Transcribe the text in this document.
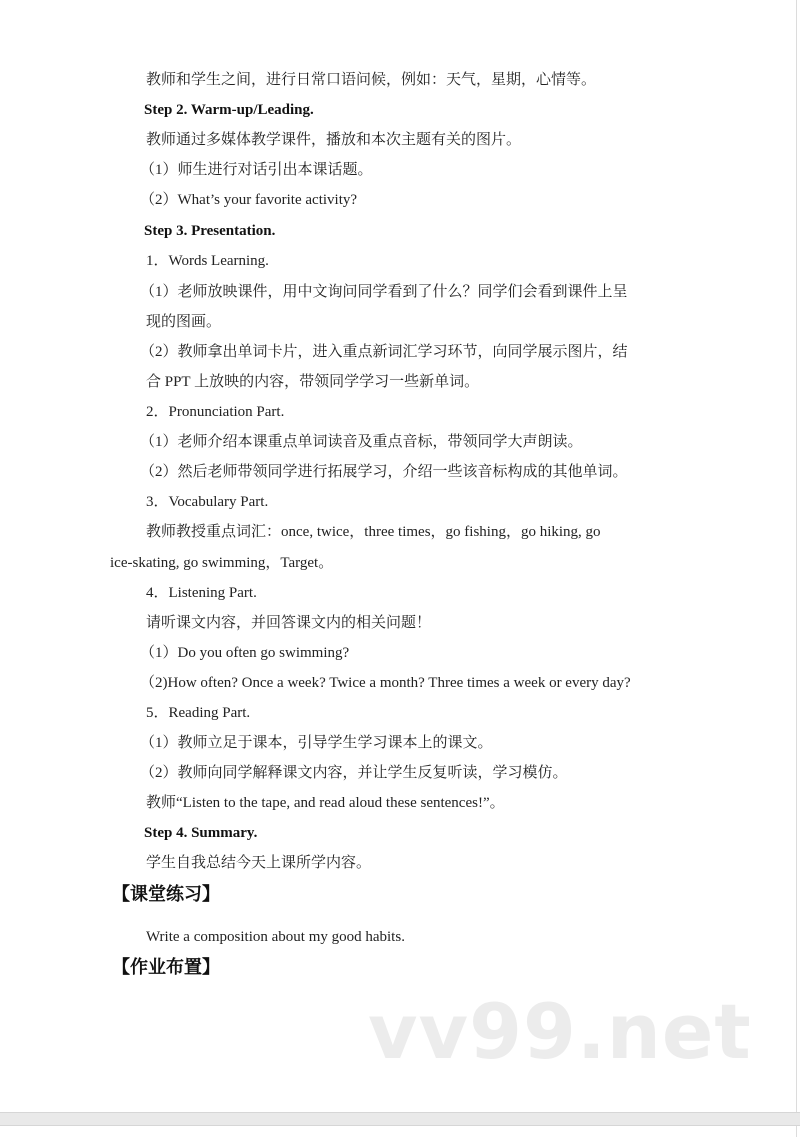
教师和学生之间，进行日常口语问候，例如：天气，星期，心情等。
Step 2. Warm-up/Leading.
教师通过多媒体教学课件，播放和本次主题有关的图片。
（1）师生进行对话引出本课话题。
（2）What’s your favorite activity?
Step 3. Presentation.
1．Words Learning.
（1）老师放映课件，用中文询问同学看到了什么？同学们会看到课件上呈
现的图画。
（2）教师拿出单词卡片，进入重点新词汇学习环节，向同学展示图片，结
合 PPT 上放映的内容，带领同学学习一些新单词。
2．Pronunciation Part.
（1）老师介绍本课重点单词读音及重点音标，带领同学大声朗读。
（2）然后老师带领同学进行拓展学习，介绍一些该音标构成的其他单词。
3．Vocabulary Part.
教师教授重点词汇：once, twice，three times，go fishing，go hiking, go
ice-skating, go swimming，Target。
4．Listening Part.
请听课文内容，并回答课文内的相关问题！
（1）Do you often go swimming?
（2)How often? Once a week? Twice a month? Three times a week or every day?
5．Reading Part.
（1）教师立足于课本，引导学生学习课本上的课文。
（2）教师向同学解释课文内容，并让学生反复听读，学习模仿。
教师“Listen to the tape, and read aloud these sentences!”。
Step 4. Summary.
学生自我总结今天上课所学内容。
【课堂练习】
Write a composition about my good habits.
【作业布置】
vv99.net
